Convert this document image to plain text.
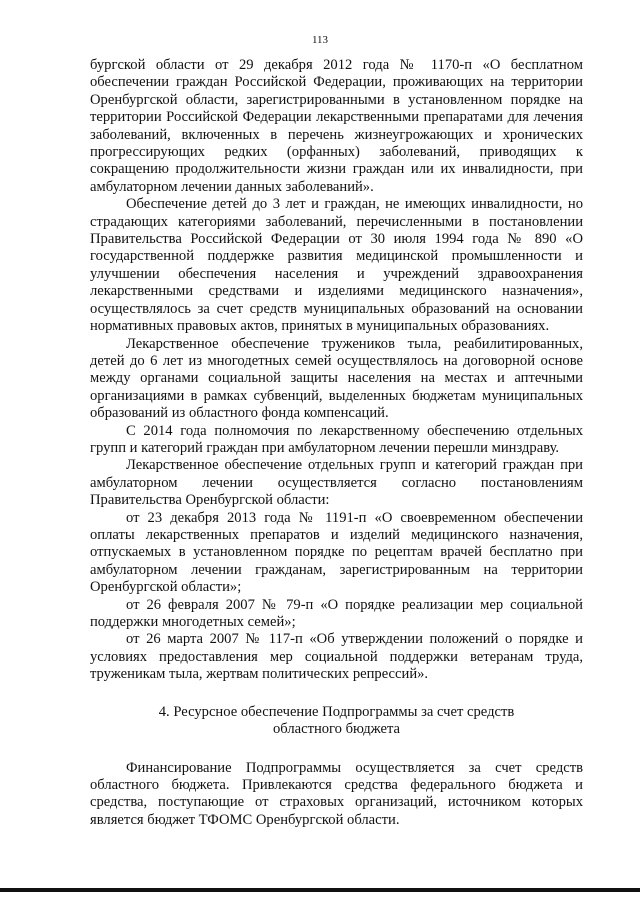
113

бургской области от 29 декабря 2012 года № 1170-п «О бесплатном обеспечении граждан Российской Федерации, проживающих на территории Оренбургской области, зарегистрированными в установленном порядке на территории Российской Федерации лекарственными препаратами для лечения заболеваний, включенных в перечень жизнеугрожающих и хронических прогрессирующих редких (орфанных) заболеваний, приводящих к сокращению продолжительности жизни граждан или их инвалидности, при амбулаторном лечении данных заболеваний».

Обеспечение детей до 3 лет и граждан, не имеющих инвалидности, но страдающих категориями заболеваний, перечисленными в постановлении Правительства Российской Федерации от 30 июля 1994 года № 890 «О государственной поддержке развития медицинской промышленности и улучшении обеспечения населения и учреждений здравоохранения лекарственными средствами и изделиями медицинского назначения», осуществлялось за счет средств муниципальных образований на основании нормативных правовых актов, принятых в муниципальных образованиях.

Лекарственное обеспечение тружеников тыла, реабилитированных, детей до 6 лет из многодетных семей осуществлялось на договорной основе между органами социальной защиты населения на местах и аптечными организациями в рамках субвенций, выделенных бюджетам муниципальных образований из областного фонда компенсаций.

С 2014 года полномочия по лекарственному обеспечению отдельных групп и категорий граждан при амбулаторном лечении перешли минздраву.

Лекарственное обеспечение отдельных групп и категорий граждан при амбулаторном лечении осуществляется согласно постановлениям Правительства Оренбургской области:

от 23 декабря 2013 года № 1191-п «О своевременном обеспечении оплаты лекарственных препаратов и изделий медицинского назначения, отпускаемых в установленном порядке по рецептам врачей бесплатно при амбулаторном лечении гражданам, зарегистрированным на территории Оренбургской области»;

от 26 февраля 2007 № 79-п «О порядке реализации мер социальной поддержки многодетных семей»;

от 26 марта 2007 № 117-п «Об утверждении положений о порядке и условиях предоставления мер социальной поддержки ветеранам труда, труженикам тыла, жертвам политических репрессий».

4. Ресурсное обеспечение Подпрограммы за счет средств
областного бюджета

Финансирование Подпрограммы осуществляется за счет средств областного бюджета. Привлекаются средства федерального бюджета и средства, поступающие от страховых организаций, источником которых является бюджет ТФОМС Оренбургской области.
